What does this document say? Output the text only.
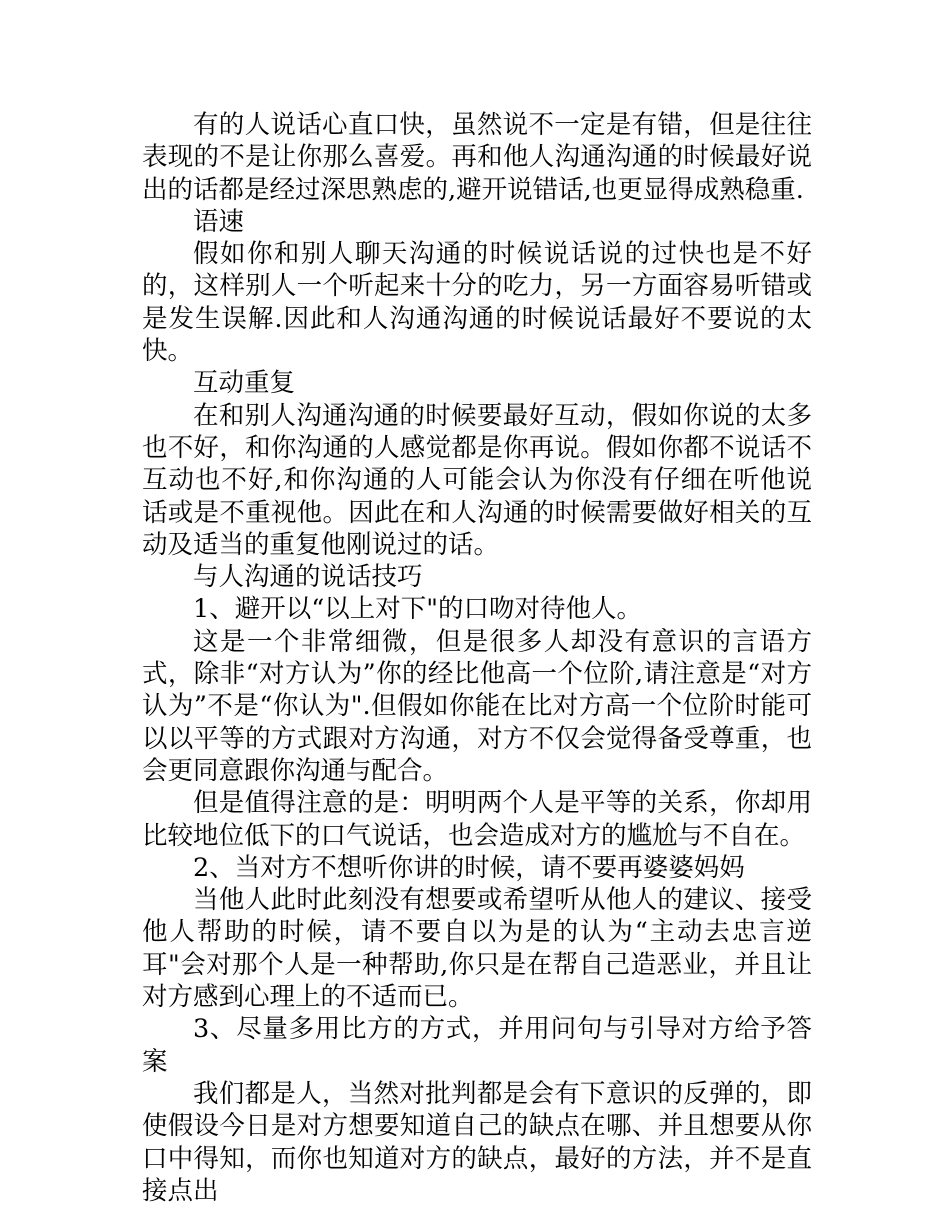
有的人说话心直口快，虽然说不一定是有错，但是往往表现的不是让你那么喜爱。再和他人沟通沟通的时候最好说出的话都是经过深思熟虑的,避开说错话,也更显得成熟稳重.

语速

假如你和别人聊天沟通的时候说话说的过快也是不好的，这样别人一个听起来十分的吃力，另一方面容易听错或是发生误解.因此和人沟通沟通的时候说话最好不要说的太快。

互动重复

在和别人沟通沟通的时候要最好互动，假如你说的太多也不好，和你沟通的人感觉都是你再说。假如你都不说话不互动也不好,和你沟通的人可能会认为你没有仔细在听他说话或是不重视他。因此在和人沟通的时候需要做好相关的互动及适当的重复他刚说过的话。

与人沟通的说话技巧

1、避开以“以上对下"的口吻对待他人。

这是一个非常细微，但是很多人却没有意识的言语方式，除非“对方认为”你的经比他高一个位阶,请注意是“对方认为”不是“你认为".但假如你能在比对方高一个位阶时能可以以平等的方式跟对方沟通，对方不仅会觉得备受尊重，也会更同意跟你沟通与配合。

但是值得注意的是：明明两个人是平等的关系，你却用比较地位低下的口气说话，也会造成对方的尴尬与不自在。

2、当对方不想听你讲的时候，请不要再婆婆妈妈

当他人此时此刻没有想要或希望听从他人的建议、接受他人帮助的时候，请不要自以为是的认为“主动去忠言逆耳"会对那个人是一种帮助,你只是在帮自己造恶业，并且让对方感到心理上的不适而已。

3、尽量多用比方的方式，并用问句与引导对方给予答案

我们都是人，当然对批判都是会有下意识的反弹的，即使假设今日是对方想要知道自己的缺点在哪、并且想要从你口中得知，而你也知道对方的缺点，最好的方法，并不是直接点出
